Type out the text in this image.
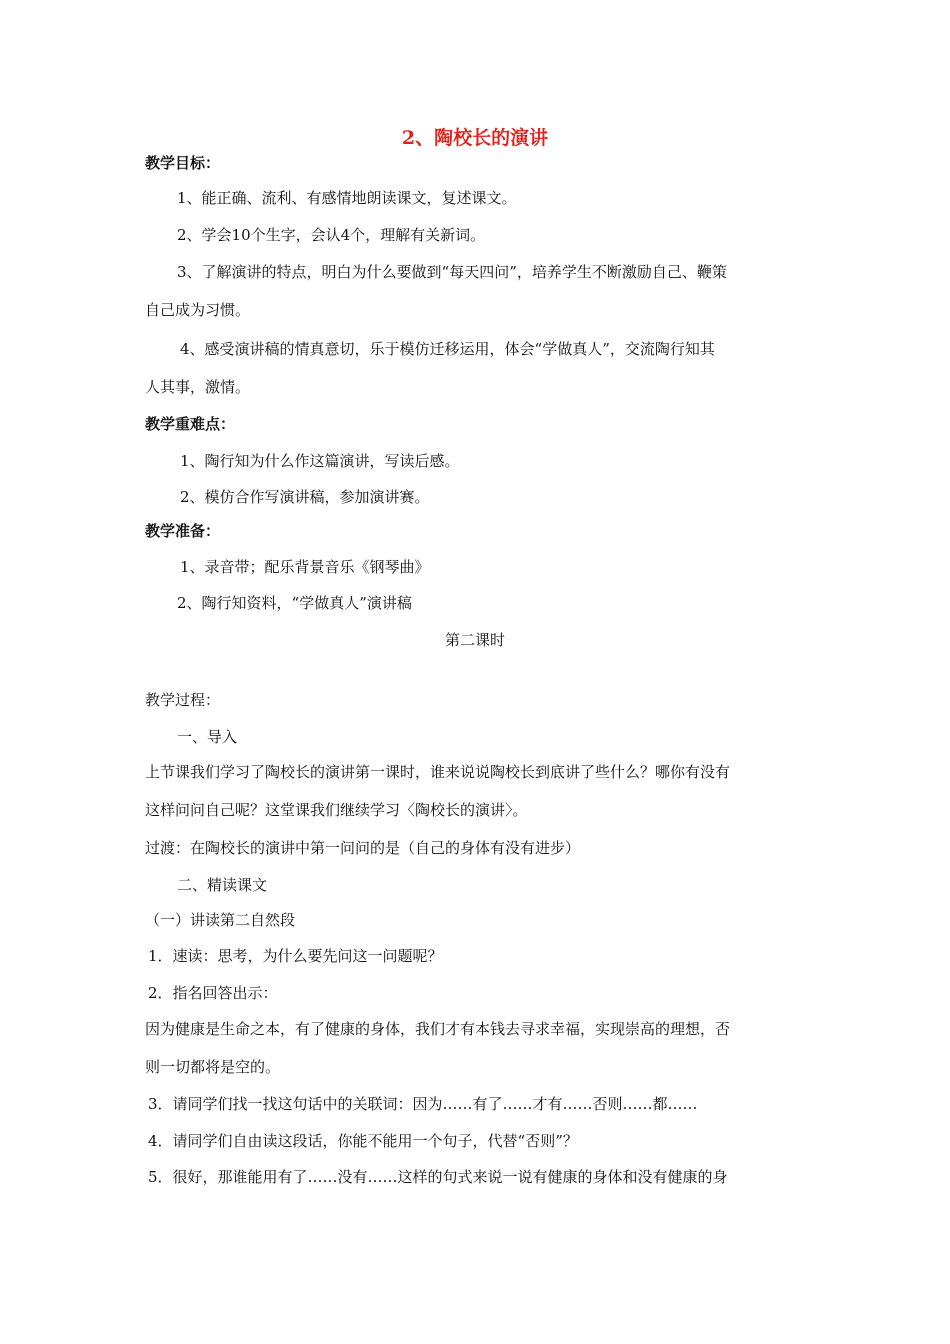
2、陶校长的演讲
教学目标：
1、能正确、流利、有感情地朗读课文，复述课文。
2、学会10个生字，会认4个，理解有关新词。
3、了解演讲的特点，明白为什么要做到“每天四问”，培养学生不断激励自己、鞭策
自己成为习惯。
4、感受演讲稿的情真意切，乐于模仿迁移运用，体会“学做真人”，交流陶行知其
人其事，激情。
教学重难点：
1、陶行知为什么作这篇演讲，写读后感。
2、模仿合作写演讲稿，参加演讲赛。
教学准备：
1、录音带；配乐背景音乐《钢琴曲》
2、陶行知资料，“学做真人”演讲稿
第二课时
教学过程：
一、导入
上节课我们学习了陶校长的演讲第一课时，谁来说说陶校长到底讲了些什么？哪你有没有
这样问问自己呢？这堂课我们继续学习〈陶校长的演讲〉。
过渡：在陶校长的演讲中第一问问的是（自己的身体有没有进步）
二、精读课文
（一）讲读第二自然段
1．速读：思考，为什么要先问这一问题呢？
2．指名回答出示：
因为健康是生命之本，有了健康的身体，我们才有本钱去寻求幸福，实现崇高的理想，否
则一切都将是空的。
3．请同学们找一找这句话中的关联词：因为……有了……才有……否则……都……
4．请同学们自由读这段话，你能不能用一个句子，代替“否则”？
5．很好，那谁能用有了……没有……这样的句式来说一说有健康的身体和没有健康的身
